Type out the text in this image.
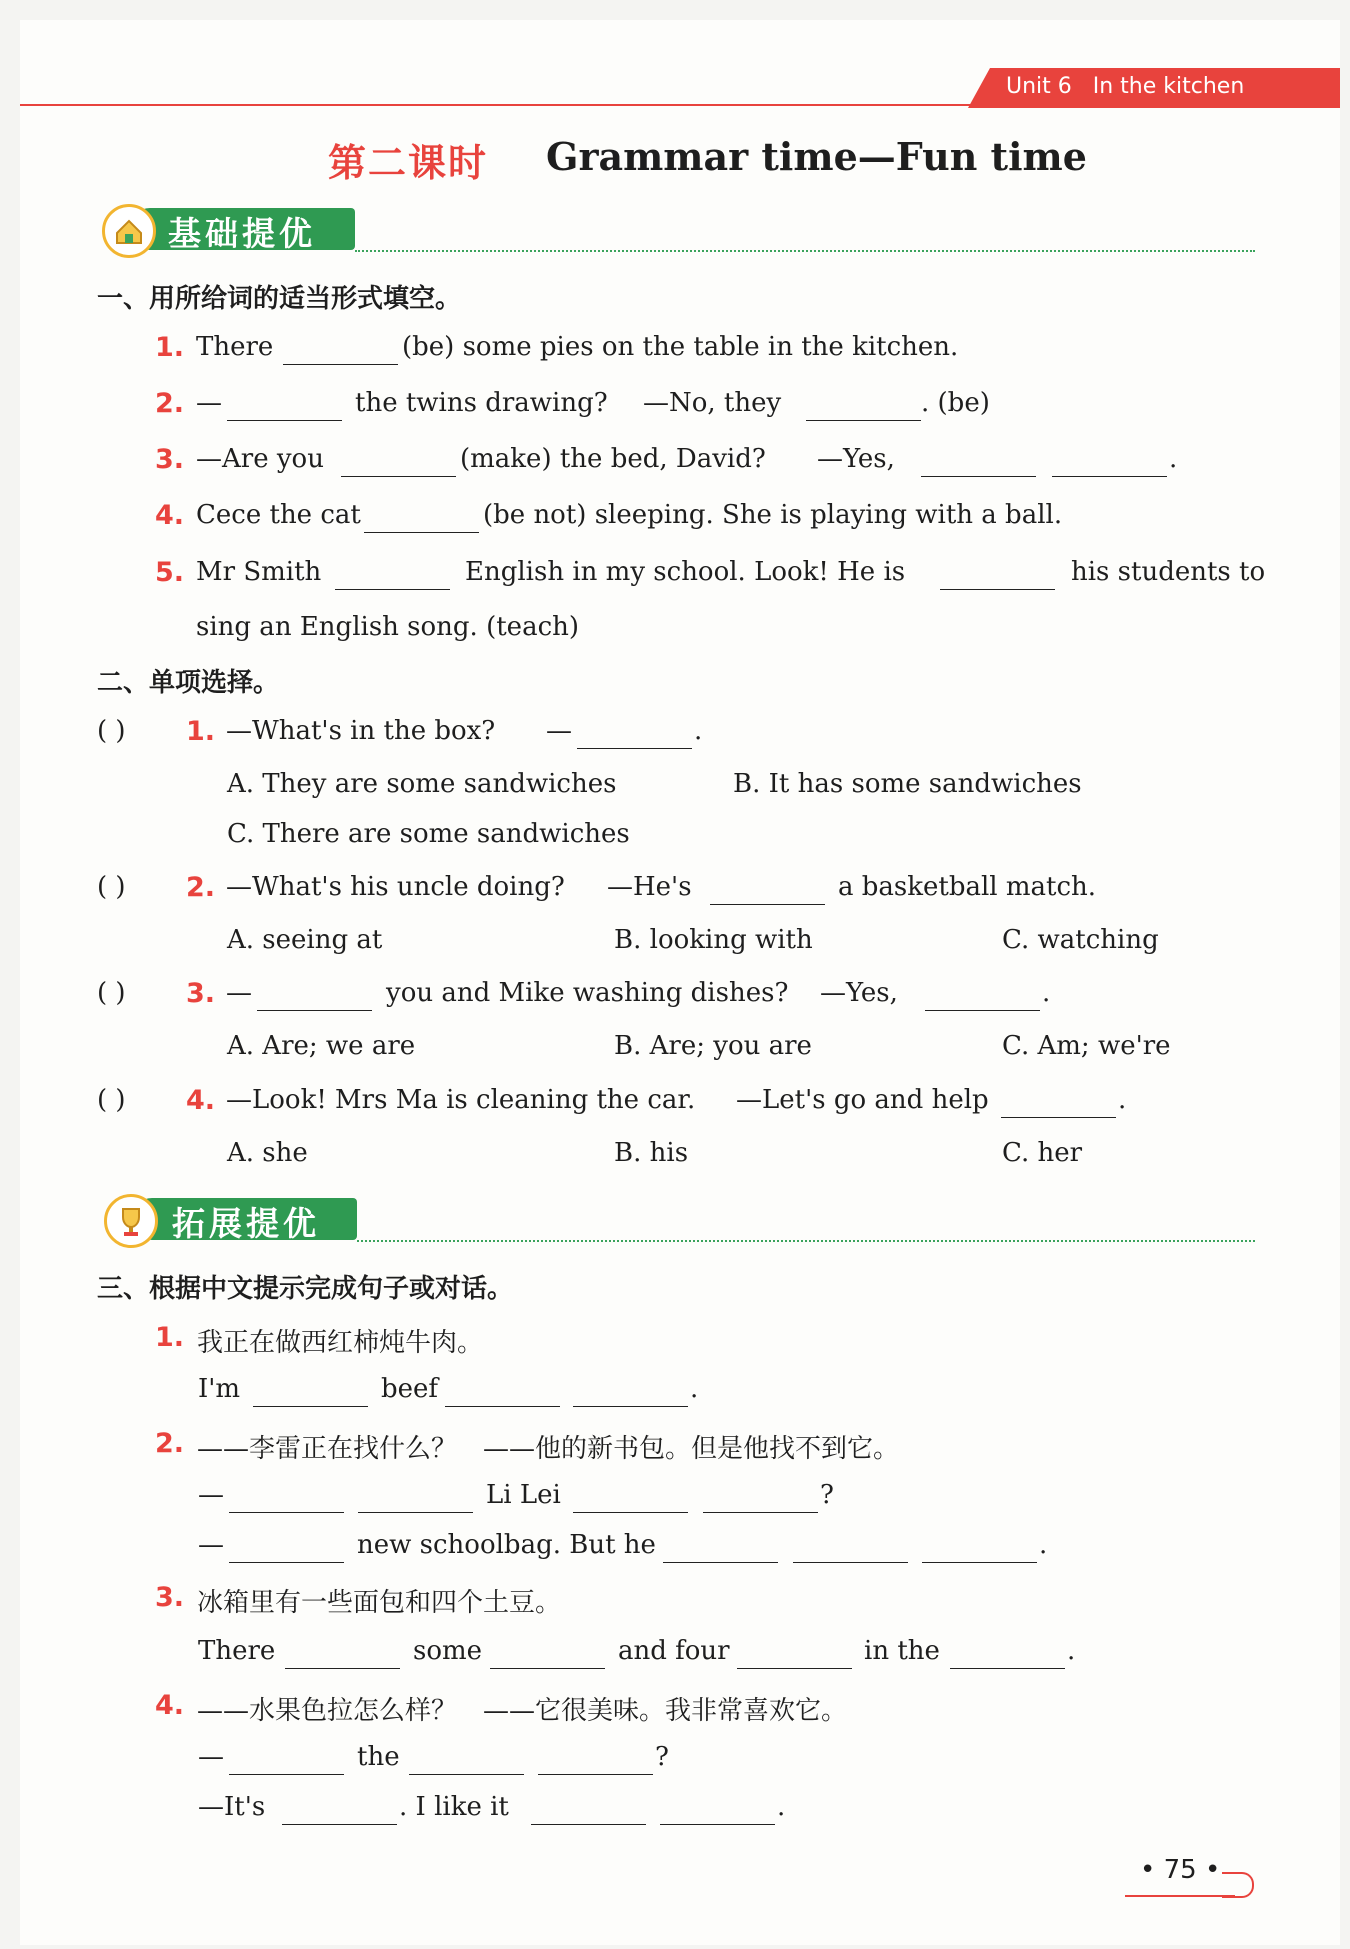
Unit 6   In the kitchen
第二课时 Grammar time—Fun time
基础提优
一、用所给词的适当形式填空。
1. There	(be) some pies on the table in the kitchen.
2. —	the twins drawing? —No, they	. (be)
3. —Are you	(make) the bed, David? —Yes,	.
4. Cece the cat	(be not) sleeping. She is playing with a ball.
5. Mr Smith	English in my school. Look! He is	his students to
sing an English song. (teach)
二、单项选择。
( ) 1. —What's in the box? —	.
A. They are some sandwiches	B. It has some sandwiches
C. There are some sandwiches
( ) 2. —What's his uncle doing? —He's	a basketball match.
A. seeing at	B. looking with	C. watching
( ) 3. —	you and Mike washing dishes? —Yes,	.
A. Are; we are	B. Are; you are	C. Am; we're
( ) 4. —Look! Mrs Ma is cleaning the car. —Let's go and help	.
A. she	B. his	C. her
拓展提优
三、根据中文提示完成句子或对话。
1. 我正在做西红柿炖牛肉。
I'm	beef	.
2. ——李雷正在找什么？　——他的新书包。但是他找不到它。
—	Li Lei	?
—	new schoolbag. But he	.
3. 冰箱里有一些面包和四个土豆。
There	some	and four	in the	.
4. ——水果色拉怎么样？　——它很美味。我非常喜欢它。
—	the	?
—It's	. I like it	.
• 75 •
